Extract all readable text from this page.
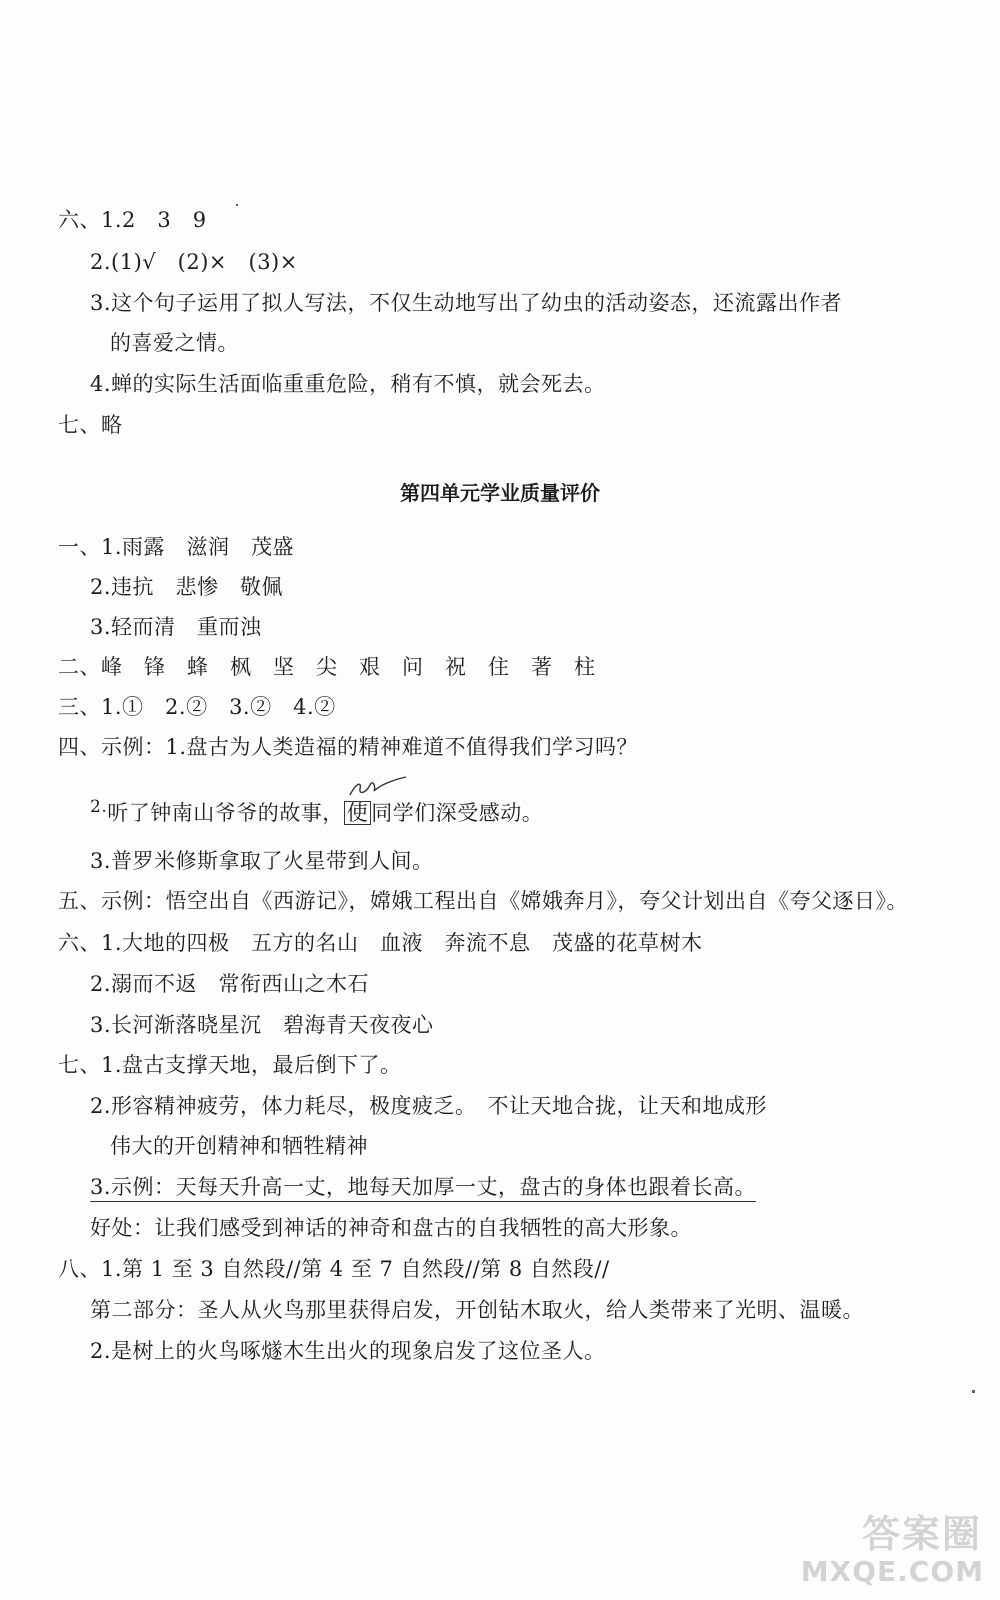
六、1.2　3　9
2.(1)√　(2)×　(3)×
3.这个句子运用了拟人写法，不仅生动地写出了幼虫的活动姿态，还流露出作者
的喜爱之情。
4.蝉的实际生活面临重重危险，稍有不慎，就会死去。
七、略
第四单元学业质量评价
一、1.雨露　滋润　茂盛
2.违抗　悲惨　敬佩
3.轻而清　重而浊
二、峰　锋　蜂　枫　坚　尖　艰　问　祝　住　著　柱
三、1.①　2.②　3.②　4.②
四、示例：1.盘古为人类造福的精神难道不值得我们学习吗？
$^{2.}$听了钟南山爷爷的故事， 使 同学们深受感动。
3.普罗米修斯拿取了火星带到人间。
五、示例：悟空出自《西游记》，嫦娥工程出自《嫦娥奔月》，夸父计划出自《夸父逐日》。
六、1.大地的四极　五方的名山　血液　奔流不息　茂盛的花草树木
2.溺而不返　常衔西山之木石
3.长河渐落晓星沉　碧海青天夜夜心
七、1.盘古支撑天地，最后倒下了。
2.形容精神疲劳，体力耗尽，极度疲乏。　不让天地合拢，让天和地成形
伟大的开创精神和牺牲精神
3.示例：天每天升高一丈，地每天加厚一丈，盘古的身体也跟着长高。
好处：让我们感受到神话的神奇和盘古的自我牺牲的高大形象。
八、1.第 1 至 3 自然段//第 4 至 7 自然段//第 8 自然段//
第二部分：圣人从火鸟那里获得启发，开创钻木取火，给人类带来了光明、温暖。
2.是树上的火鸟啄燧木生出火的现象启发了这位圣人。
答案圈
MXQE.COM
